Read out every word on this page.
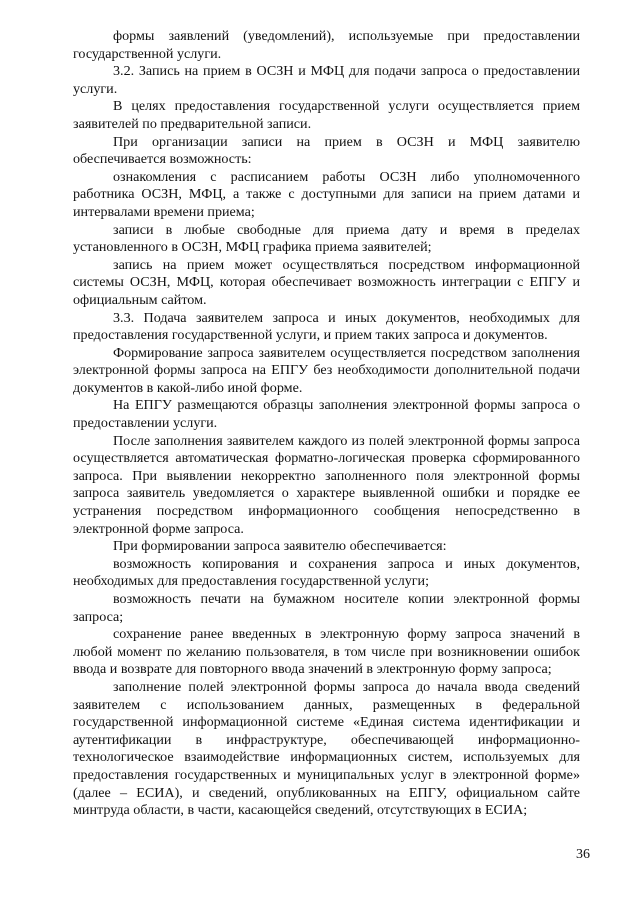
формы заявлений (уведомлений), используемые при предоставлении государственной услуги.

3.2. Запись на прием в ОСЗН и МФЦ для подачи запроса о предоставлении услуги.

В целях предоставления государственной услуги осуществляется прием заявителей по предварительной записи.

При организации записи на прием в ОСЗН и МФЦ заявителю обеспечивается возможность:

ознакомления с расписанием работы ОСЗН либо уполномоченного работника ОСЗН, МФЦ, а также с доступными для записи на прием датами и интервалами времени приема;

записи в любые свободные для приема дату и время в пределах установленного в ОСЗН, МФЦ графика приема заявителей;

запись на прием может осуществляться посредством информационной системы ОСЗН, МФЦ, которая обеспечивает возможность интеграции с ЕПГУ и официальным сайтом.

3.3. Подача заявителем запроса и иных документов, необходимых для предоставления государственной услуги, и прием таких запроса и документов.

Формирование запроса заявителем осуществляется посредством заполнения электронной формы запроса на ЕПГУ без необходимости дополнительной подачи документов в какой-либо иной форме.

На ЕПГУ размещаются образцы заполнения электронной формы запроса о предоставлении услуги.

После заполнения заявителем каждого из полей электронной формы запроса осуществляется автоматическая форматно-логическая проверка сформированного запроса. При выявлении некорректно заполненного поля электронной формы запроса заявитель уведомляется о характере выявленной ошибки и порядке ее устранения посредством информационного сообщения непосредственно в электронной форме запроса.

При формировании запроса заявителю обеспечивается:

возможность копирования и сохранения запроса и иных документов, необходимых для предоставления государственной услуги;

возможность печати на бумажном носителе копии электронной формы запроса;

сохранение ранее введенных в электронную форму запроса значений в любой момент по желанию пользователя, в том числе при возникновении ошибок ввода и возврате для повторного ввода значений в электронную форму запроса;

заполнение полей электронной формы запроса до начала ввода сведений заявителем с использованием данных, размещенных в федеральной государственной информационной системе «Единая система идентификации и аутентификации в инфраструктуре, обеспечивающей информационно-технологическое взаимодействие информационных систем, используемых для предоставления государственных и муниципальных услуг в электронной форме» (далее – ЕСИА), и сведений, опубликованных на ЕПГУ, официальном сайте минтруда области, в части, касающейся сведений, отсутствующих в ЕСИА;

36
